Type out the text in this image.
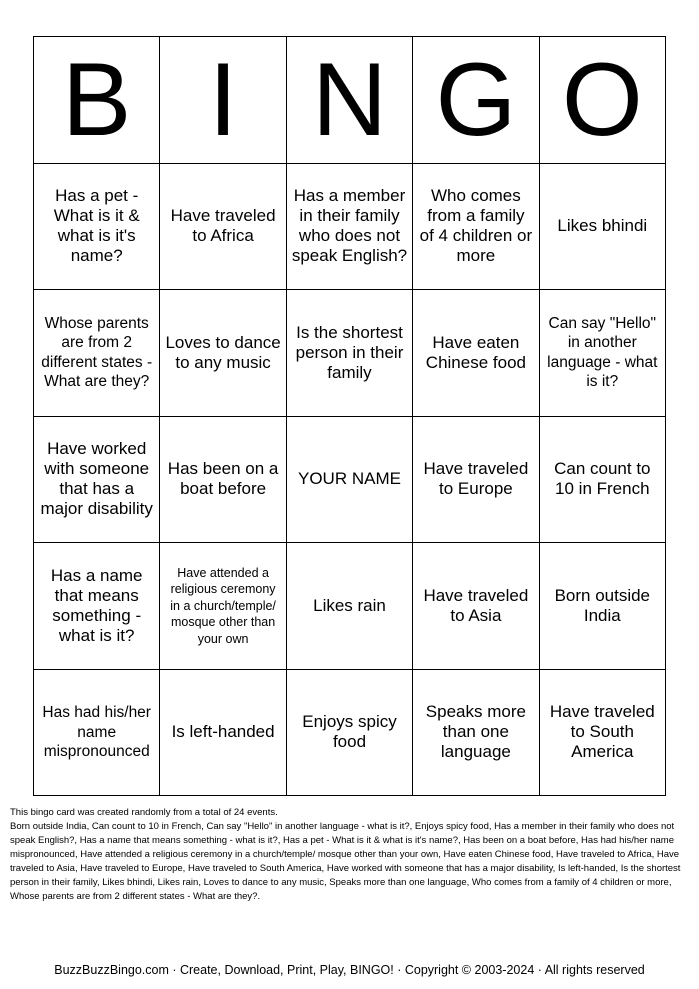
B I N G O
Has a pet - What is it & what is it's name?
Have traveled to Africa
Has a member in their family who does not speak English?
Who comes from a family of 4 children or more
Likes bhindi
Whose parents are from 2 different states - What are they?
Loves to dance to any music
Is the shortest person in their family
Have eaten Chinese food
Can say "Hello" in another language - what is it?
Have worked with someone that has a major disability
Has been on a boat before
YOUR NAME
Have traveled to Europe
Can count to 10 in French
Has a name that means something - what is it?
Have attended a religious ceremony in a church/temple/ mosque other than your own
Likes rain
Have traveled to Asia
Born outside India
Has had his/her name mispronounced
Is left-handed
Enjoys spicy food
Speaks more than one language
Have traveled to South America
This bingo card was created randomly from a total of 24 events.
Born outside India, Can count to 10 in French, Can say "Hello" in another language - what is it?, Enjoys spicy food, Has a member in their family who does not speak English?, Has a name that means something - what is it?, Has a pet - What is it & what is it's name?, Has been on a boat before, Has had his/her name mispronounced, Have attended a religious ceremony in a church/temple/ mosque other than your own, Have eaten Chinese food, Have traveled to Africa, Have traveled to Asia, Have traveled to Europe, Have traveled to South America, Have worked with someone that has a major disability, Is left-handed, Is the shortest person in their family, Likes bhindi, Likes rain, Loves to dance to any music, Speaks more than one language, Who comes from a family of 4 children or more, Whose parents are from 2 different states - What are they?.
BuzzBuzzBingo.com · Create, Download, Print, Play, BINGO! · Copyright © 2003-2024 · All rights reserved
